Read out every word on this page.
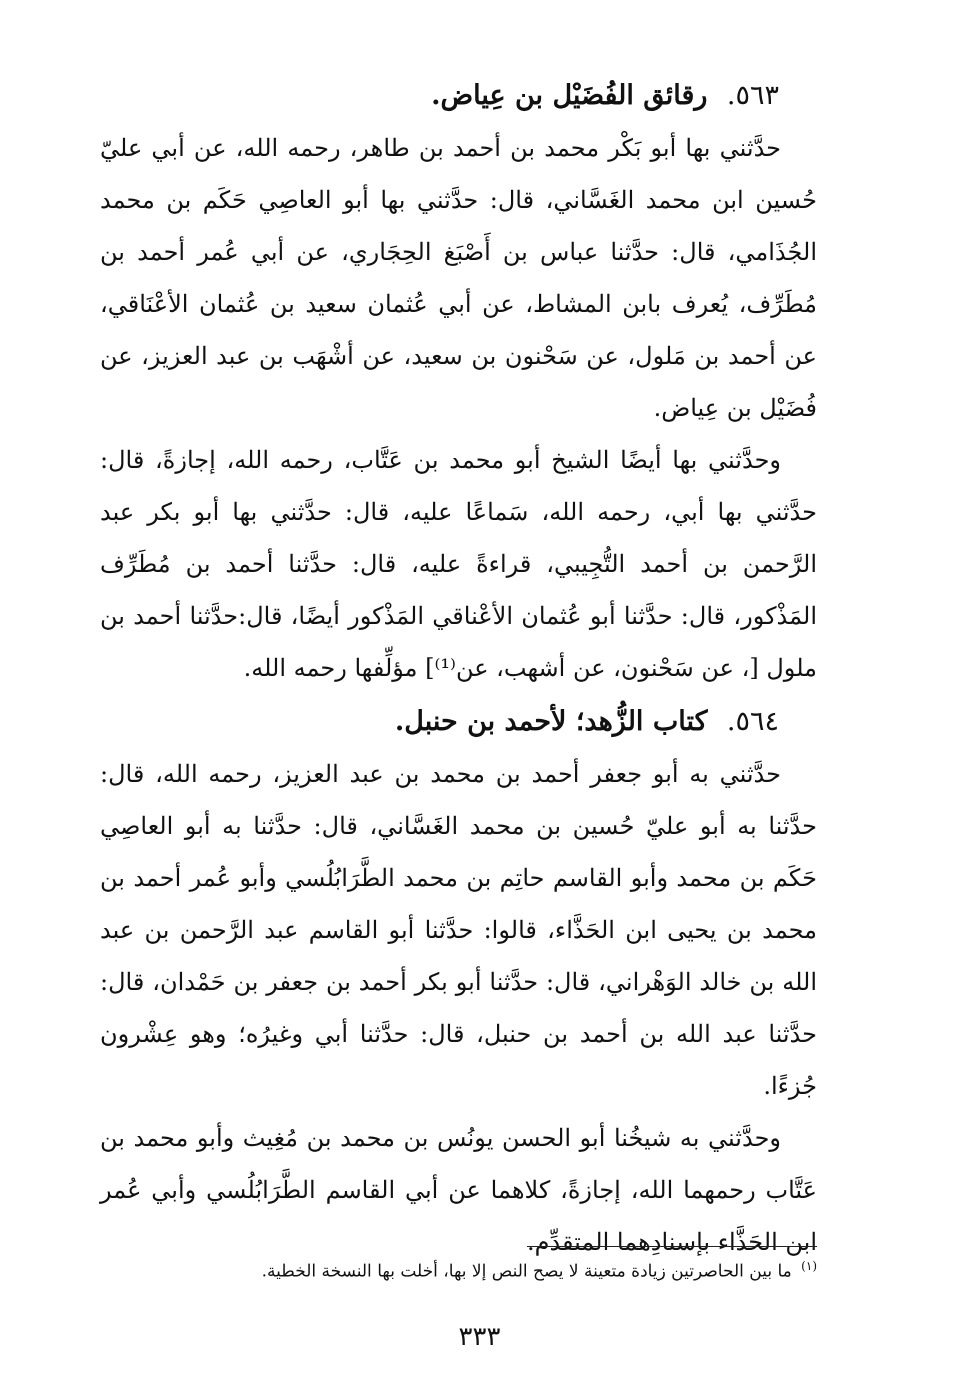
٥٦٣. رقائق الفُضَيْل بن عِياض.

حدَّثني بها أبو بَكْر محمد بن أحمد بن طاهر، رحمه الله، عن أبي عليّ حُسين ابن محمد الغَسَّاني، قال: حدَّثني بها أبو العاصِي حَكَم بن محمد الجُذَامي، قال: حدَّثنا عباس بن أَصْبَغ الحِجَاري، عن أبي عُمر أحمد بن مُطَرِّف، يُعرف بابن المشاط، عن أبي عُثمان سعيد بن عُثمان الأعْنَاقي، عن أحمد بن مَلول، عن سَحْنون بن سعيد، عن أشْهَب بن عبد العزيز، عن فُضَيْل بن عِياض.

وحدَّثني بها أيضًا الشيخ أبو محمد بن عَتَّاب، رحمه الله، إجازةً، قال: حدَّثني بها أبي، رحمه الله، سَماعًا عليه، قال: حدَّثني بها أبو بكر عبد الرَّحمن بن أحمد التُّجِيبي، قراءةً عليه، قال: حدَّثنا أحمد بن مُطَرِّف المَذْكور، قال: حدَّثنا أبو عُثمان الأعْناقي المَذْكور أيضًا، قال:حدَّثنا أحمد بن ملول [، عن سَحْنون، عن أشهب، عن⁽¹⁾] مؤلِّفها رحمه الله.

٥٦٤. كتاب الزُّهد؛ لأحمد بن حنبل.

حدَّثني به أبو جعفر أحمد بن محمد بن عبد العزيز، رحمه الله، قال: حدَّثنا به أبو عليّ حُسين بن محمد الغَسَّاني، قال: حدَّثنا به أبو العاصِي حَكَم بن محمد وأبو القاسم حاتِم بن محمد الطَّرَابُلُسي وأبو عُمر أحمد بن محمد بن يحيى ابن الحَذَّاء، قالوا: حدَّثنا أبو القاسم عبد الرَّحمن بن عبد الله بن خالد الوَهْراني، قال: حدَّثنا أبو بكر أحمد بن جعفر بن حَمْدان، قال: حدَّثنا عبد الله بن أحمد بن حنبل، قال: حدَّثنا أبي وغيرُه؛ وهو عِشْرون جُزءًا.

وحدَّثني به شيخُنا أبو الحسن يونُس بن محمد بن مُغِيث وأبو محمد بن عَتَّاب رحمهما الله، إجازةً، كلاهما عن أبي القاسم الطَّرَابُلُسي وأبي عُمر ابن الحَذَّاء بإسنادِهما المتقدِّم.

$^{(١)}$ ما بين الحاصرتين زيادة متعينة لا يصح النص إلا بها، أخلت بها النسخة الخطية.
٣٣٣
